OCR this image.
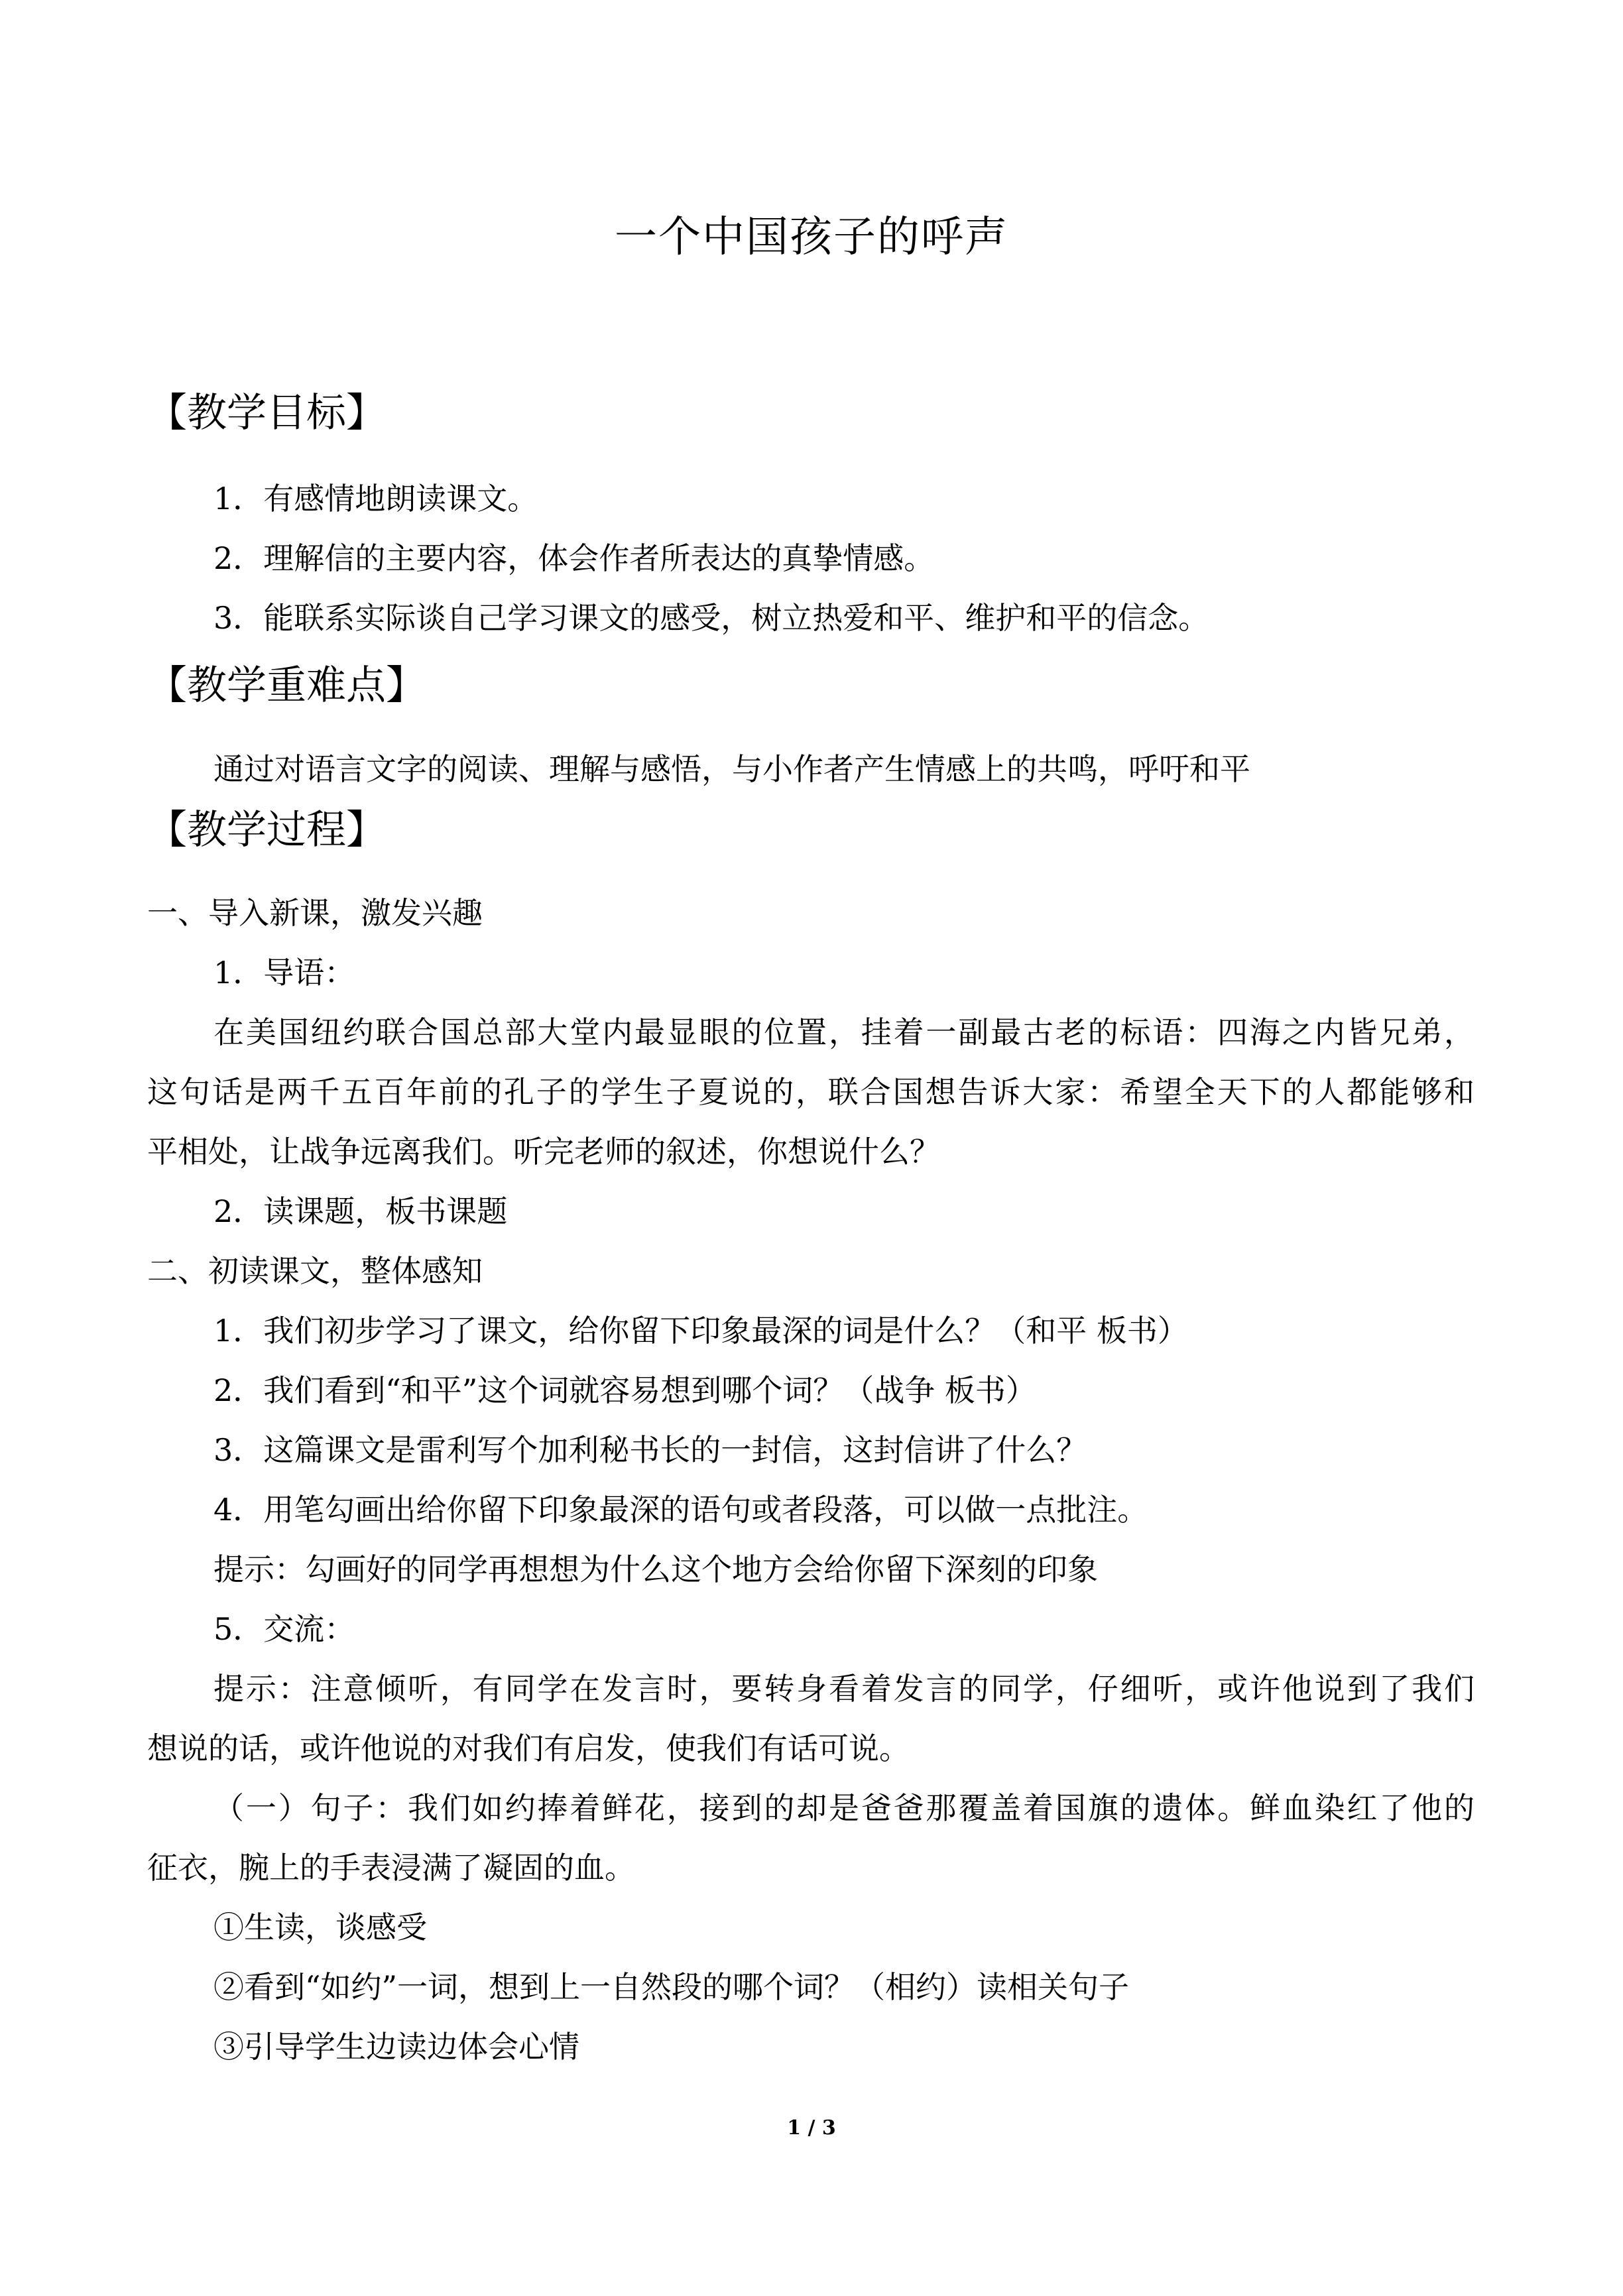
一个中国孩子的呼声
【教学目标】
1．有感情地朗读课文。
2．理解信的主要内容，体会作者所表达的真挚情感。
3．能联系实际谈自己学习课文的感受，树立热爱和平、维护和平的信念。
【教学重难点】
通过对语言文字的阅读、理解与感悟，与小作者产生情感上的共鸣，呼吁和平
【教学过程】
一、导入新课，激发兴趣
1．导语：
在美国纽约联合国总部大堂内最显眼的位置，挂着一副最古老的标语：四海之内皆兄弟，
这句话是两千五百年前的孔子的学生子夏说的，联合国想告诉大家：希望全天下的人都能够和
平相处，让战争远离我们。听完老师的叙述，你想说什么？
2．读课题，板书课题
二、初读课文，整体感知
1．我们初步学习了课文，给你留下印象最深的词是什么？（和平 板书）
2．我们看到“和平”这个词就容易想到哪个词？（战争 板书）
3．这篇课文是雷利写个加利秘书长的一封信，这封信讲了什么？
4．用笔勾画出给你留下印象最深的语句或者段落，可以做一点批注。
提示：勾画好的同学再想想为什么这个地方会给你留下深刻的印象
5．交流：
提示：注意倾听，有同学在发言时，要转身看着发言的同学，仔细听，或许他说到了我们
想说的话，或许他说的对我们有启发，使我们有话可说。
（一）句子：我们如约捧着鲜花，接到的却是爸爸那覆盖着国旗的遗体。鲜血染红了他的
征衣，腕上的手表浸满了凝固的血。
①生读，谈感受
②看到“如约”一词，想到上一自然段的哪个词？（相约）读相关句子
③引导学生边读边体会心情
1 / 3
